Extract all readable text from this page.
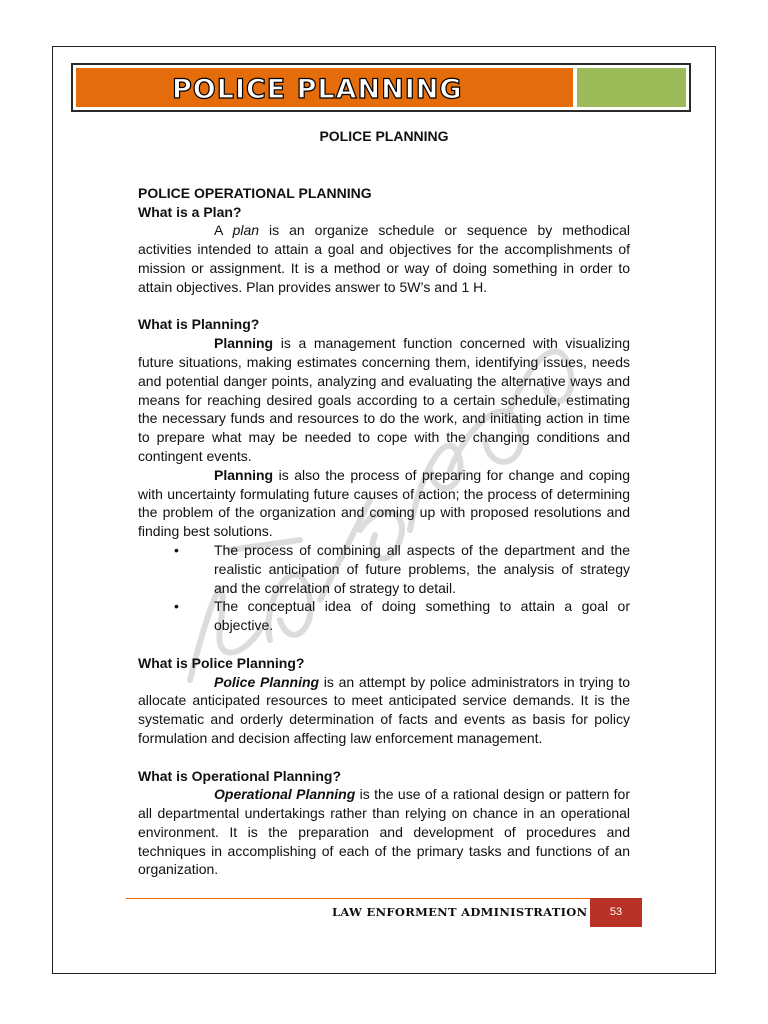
POLICE PLANNING

POLICE PLANNING

POLICE OPERATIONAL PLANNING

What is a Plan?

A plan is an organize schedule or sequence by methodical activities intended to attain a goal and objectives for the accomplishments of mission or assignment. It is a method or way of doing something in order to attain objectives. Plan provides answer to 5W’s and 1 H.

What is Planning?

Planning is a management function concerned with visualizing future situations, making estimates concerning them, identifying issues, needs and potential danger points, analyzing and evaluating the alternative ways and means for reaching desired goals according to a certain schedule, estimating the necessary funds and resources to do the work, and initiating action in time to prepare what may be needed to cope with the changing conditions and contingent events.

Planning is also the process of preparing for change and coping with uncertainty formulating future causes of action; the process of determining the problem of the organization and coming up with proposed resolutions and finding best solutions.

•	The process of combining all aspects of the department and the realistic anticipation of future problems, the analysis of strategy and the correlation of strategy to detail.
•	The conceptual idea of doing something to attain a goal or objective.

What is Police Planning?

Police Planning is an attempt by police administrators in trying to allocate anticipated resources to meet anticipated service demands. It is the systematic and orderly determination of facts and events as basis for policy formulation and decision affecting law enforcement management.

What is Operational Planning?

Operational Planning is the use of a rational design or pattern for all departmental undertakings rather than relying on chance in an operational environment. It is the preparation and development of procedures and techniques in accomplishing of each of the primary tasks and functions of an organization.

LAW ENFORMENT ADMINISTRATION	53
